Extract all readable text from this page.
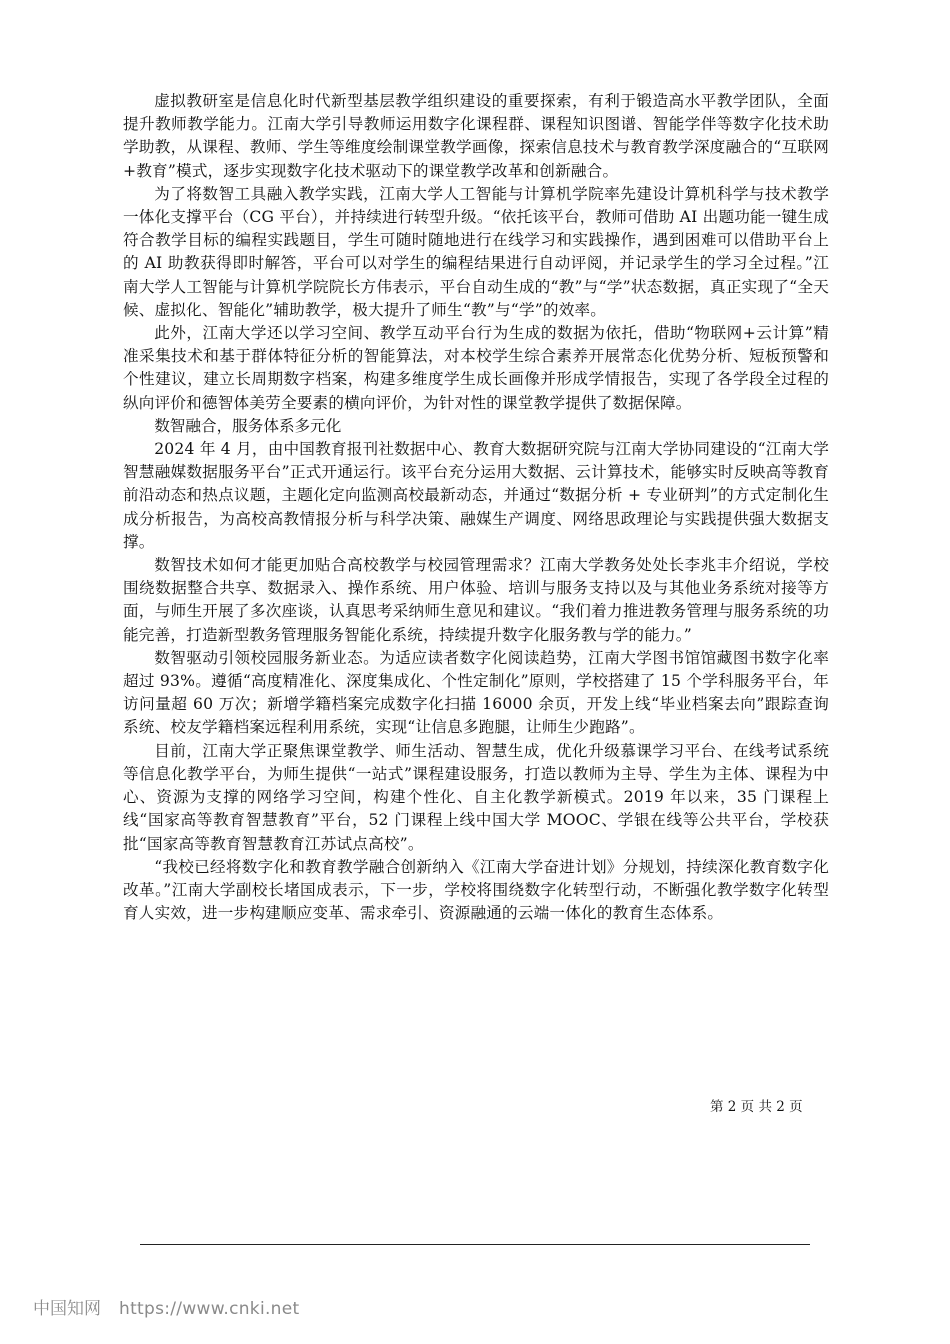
虚拟教研室是信息化时代新型基层教学组织建设的重要探索，有利于锻造高水平教学团队，全面提升教师教学能力。江南大学引导教师运用数字化课程群、课程知识图谱、智能学伴等数字化技术助学助教，从课程、教师、学生等维度绘制课堂教学画像，探索信息技术与教育教学深度融合的“互联网+教育”模式，逐步实现数字化技术驱动下的课堂教学改革和创新融合。

为了将数智工具融入教学实践，江南大学人工智能与计算机学院率先建设计算机科学与技术教学一体化支撑平台（CG 平台），并持续进行转型升级。“依托该平台，教师可借助 AI 出题功能一键生成符合教学目标的编程实践题目，学生可随时随地进行在线学习和实践操作，遇到困难可以借助平台上的 AI 助教获得即时解答，平台可以对学生的编程结果进行自动评阅，并记录学生的学习全过程。”江南大学人工智能与计算机学院院长方伟表示，平台自动生成的“教”与“学”状态数据，真正实现了“全天候、虚拟化、智能化”辅助教学，极大提升了师生“教”与“学”的效率。

此外，江南大学还以学习空间、教学互动平台行为生成的数据为依托，借助“物联网+云计算”精准采集技术和基于群体特征分析的智能算法，对本校学生综合素养开展常态化优势分析、短板预警和个性建议，建立长周期数字档案，构建多维度学生成长画像并形成学情报告，实现了各学段全过程的纵向评价和德智体美劳全要素的横向评价，为针对性的课堂教学提供了数据保障。

数智融合，服务体系多元化

2024 年 4 月，由中国教育报刊社数据中心、教育大数据研究院与江南大学协同建设的“江南大学智慧融媒数据服务平台”正式开通运行。该平台充分运用大数据、云计算技术，能够实时反映高等教育前沿动态和热点议题，主题化定向监测高校最新动态，并通过“数据分析 + 专业研判”的方式定制化生成分析报告，为高校高教情报分析与科学决策、融媒生产调度、网络思政理论与实践提供强大数据支撑。

数智技术如何才能更加贴合高校教学与校园管理需求？江南大学教务处处长李兆丰介绍说，学校围绕数据整合共享、数据录入、操作系统、用户体验、培训与服务支持以及与其他业务系统对接等方面，与师生开展了多次座谈，认真思考采纳师生意见和建议。“我们着力推进教务管理与服务系统的功能完善，打造新型教务管理服务智能化系统，持续提升数字化服务教与学的能力。”

数智驱动引领校园服务新业态。为适应读者数字化阅读趋势，江南大学图书馆馆藏图书数字化率超过 93%。遵循“高度精准化、深度集成化、个性定制化”原则，学校搭建了 15 个学科服务平台，年访问量超 60 万次；新增学籍档案完成数字化扫描 16000 余页，开发上线“毕业档案去向”跟踪查询系统、校友学籍档案远程利用系统，实现“让信息多跑腿，让师生少跑路”。

目前，江南大学正聚焦课堂教学、师生活动、智慧生成，优化升级慕课学习平台、在线考试系统等信息化教学平台，为师生提供“一站式”课程建设服务，打造以教师为主导、学生为主体、课程为中心、资源为支撑的网络学习空间，构建个性化、自主化教学新模式。2019 年以来，35 门课程上线“国家高等教育智慧教育”平台，52 门课程上线中国大学 MOOC、学银在线等公共平台，学校获批“国家高等教育智慧教育江苏试点高校”。

“我校已经将数字化和教育教学融合创新纳入《江南大学奋进计划》分规划，持续深化教育数字化改革。”江南大学副校长堵国成表示，下一步，学校将围绕数字化转型行动，不断强化教学数字化转型育人实效，进一步构建顺应变革、需求牵引、资源融通的云端一体化的教育生态体系。

第 2 页 共 2 页
中国知网 https://www.cnki.net
